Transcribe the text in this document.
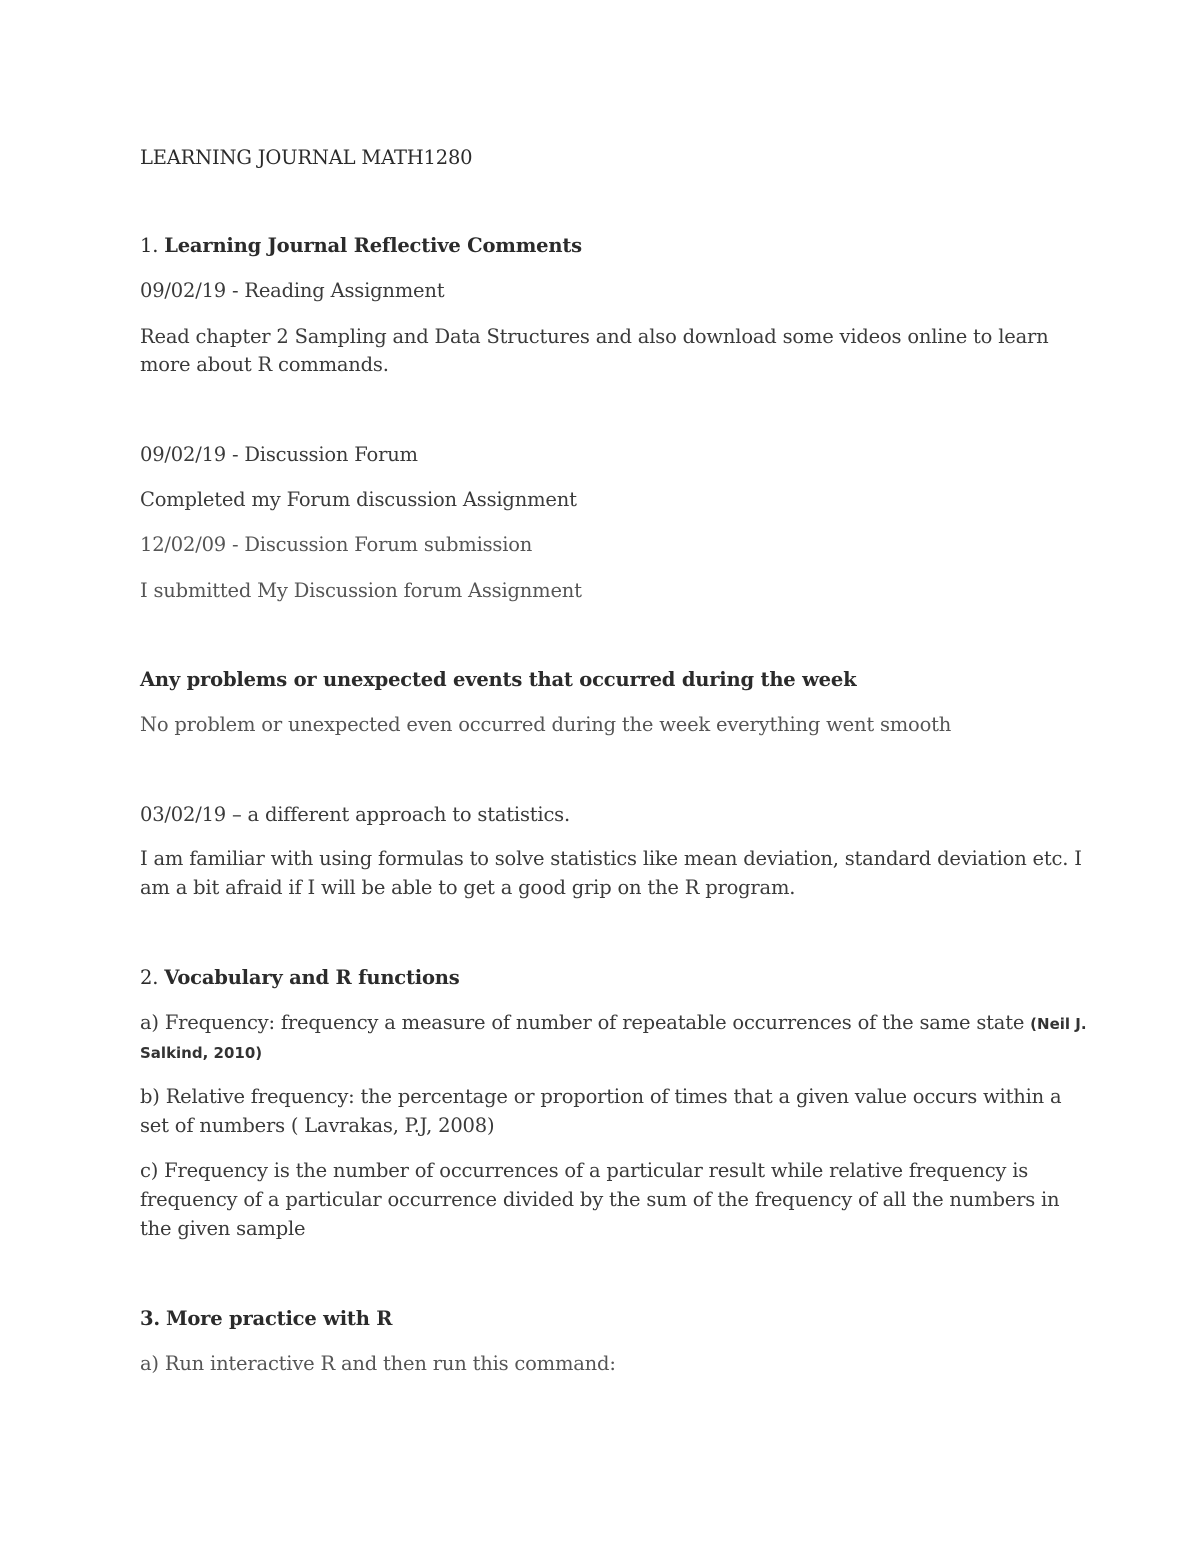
LEARNING JOURNAL MATH1280
1. Learning Journal Reflective Comments
09/02/19 - Reading Assignment
Read chapter 2 Sampling and Data Structures and also download some videos online to learn
more about R commands.
09/02/19 - Discussion Forum
Completed my Forum discussion Assignment
12/02/09 - Discussion Forum submission
I submitted My Discussion forum Assignment
Any problems or unexpected events that occurred during the week
No problem or unexpected even occurred during the week everything went smooth
03/02/19 – a different approach to statistics.
I am familiar with using formulas to solve statistics like mean deviation, standard deviation etc. I
am a bit afraid if I will be able to get a good grip on the R program.
2. Vocabulary and R functions
a) Frequency: frequency a measure of number of repeatable occurrences of the same state (Neil J.
Salkind, 2010)
b) Relative frequency: the percentage or proportion of times that a given value occurs within a
set of numbers ( Lavrakas, P.J, 2008)
c) Frequency is the number of occurrences of a particular result while relative frequency is
frequency of a particular occurrence divided by the sum of the frequency of all the numbers in
the given sample
3. More practice with R
a) Run interactive R and then run this command:
